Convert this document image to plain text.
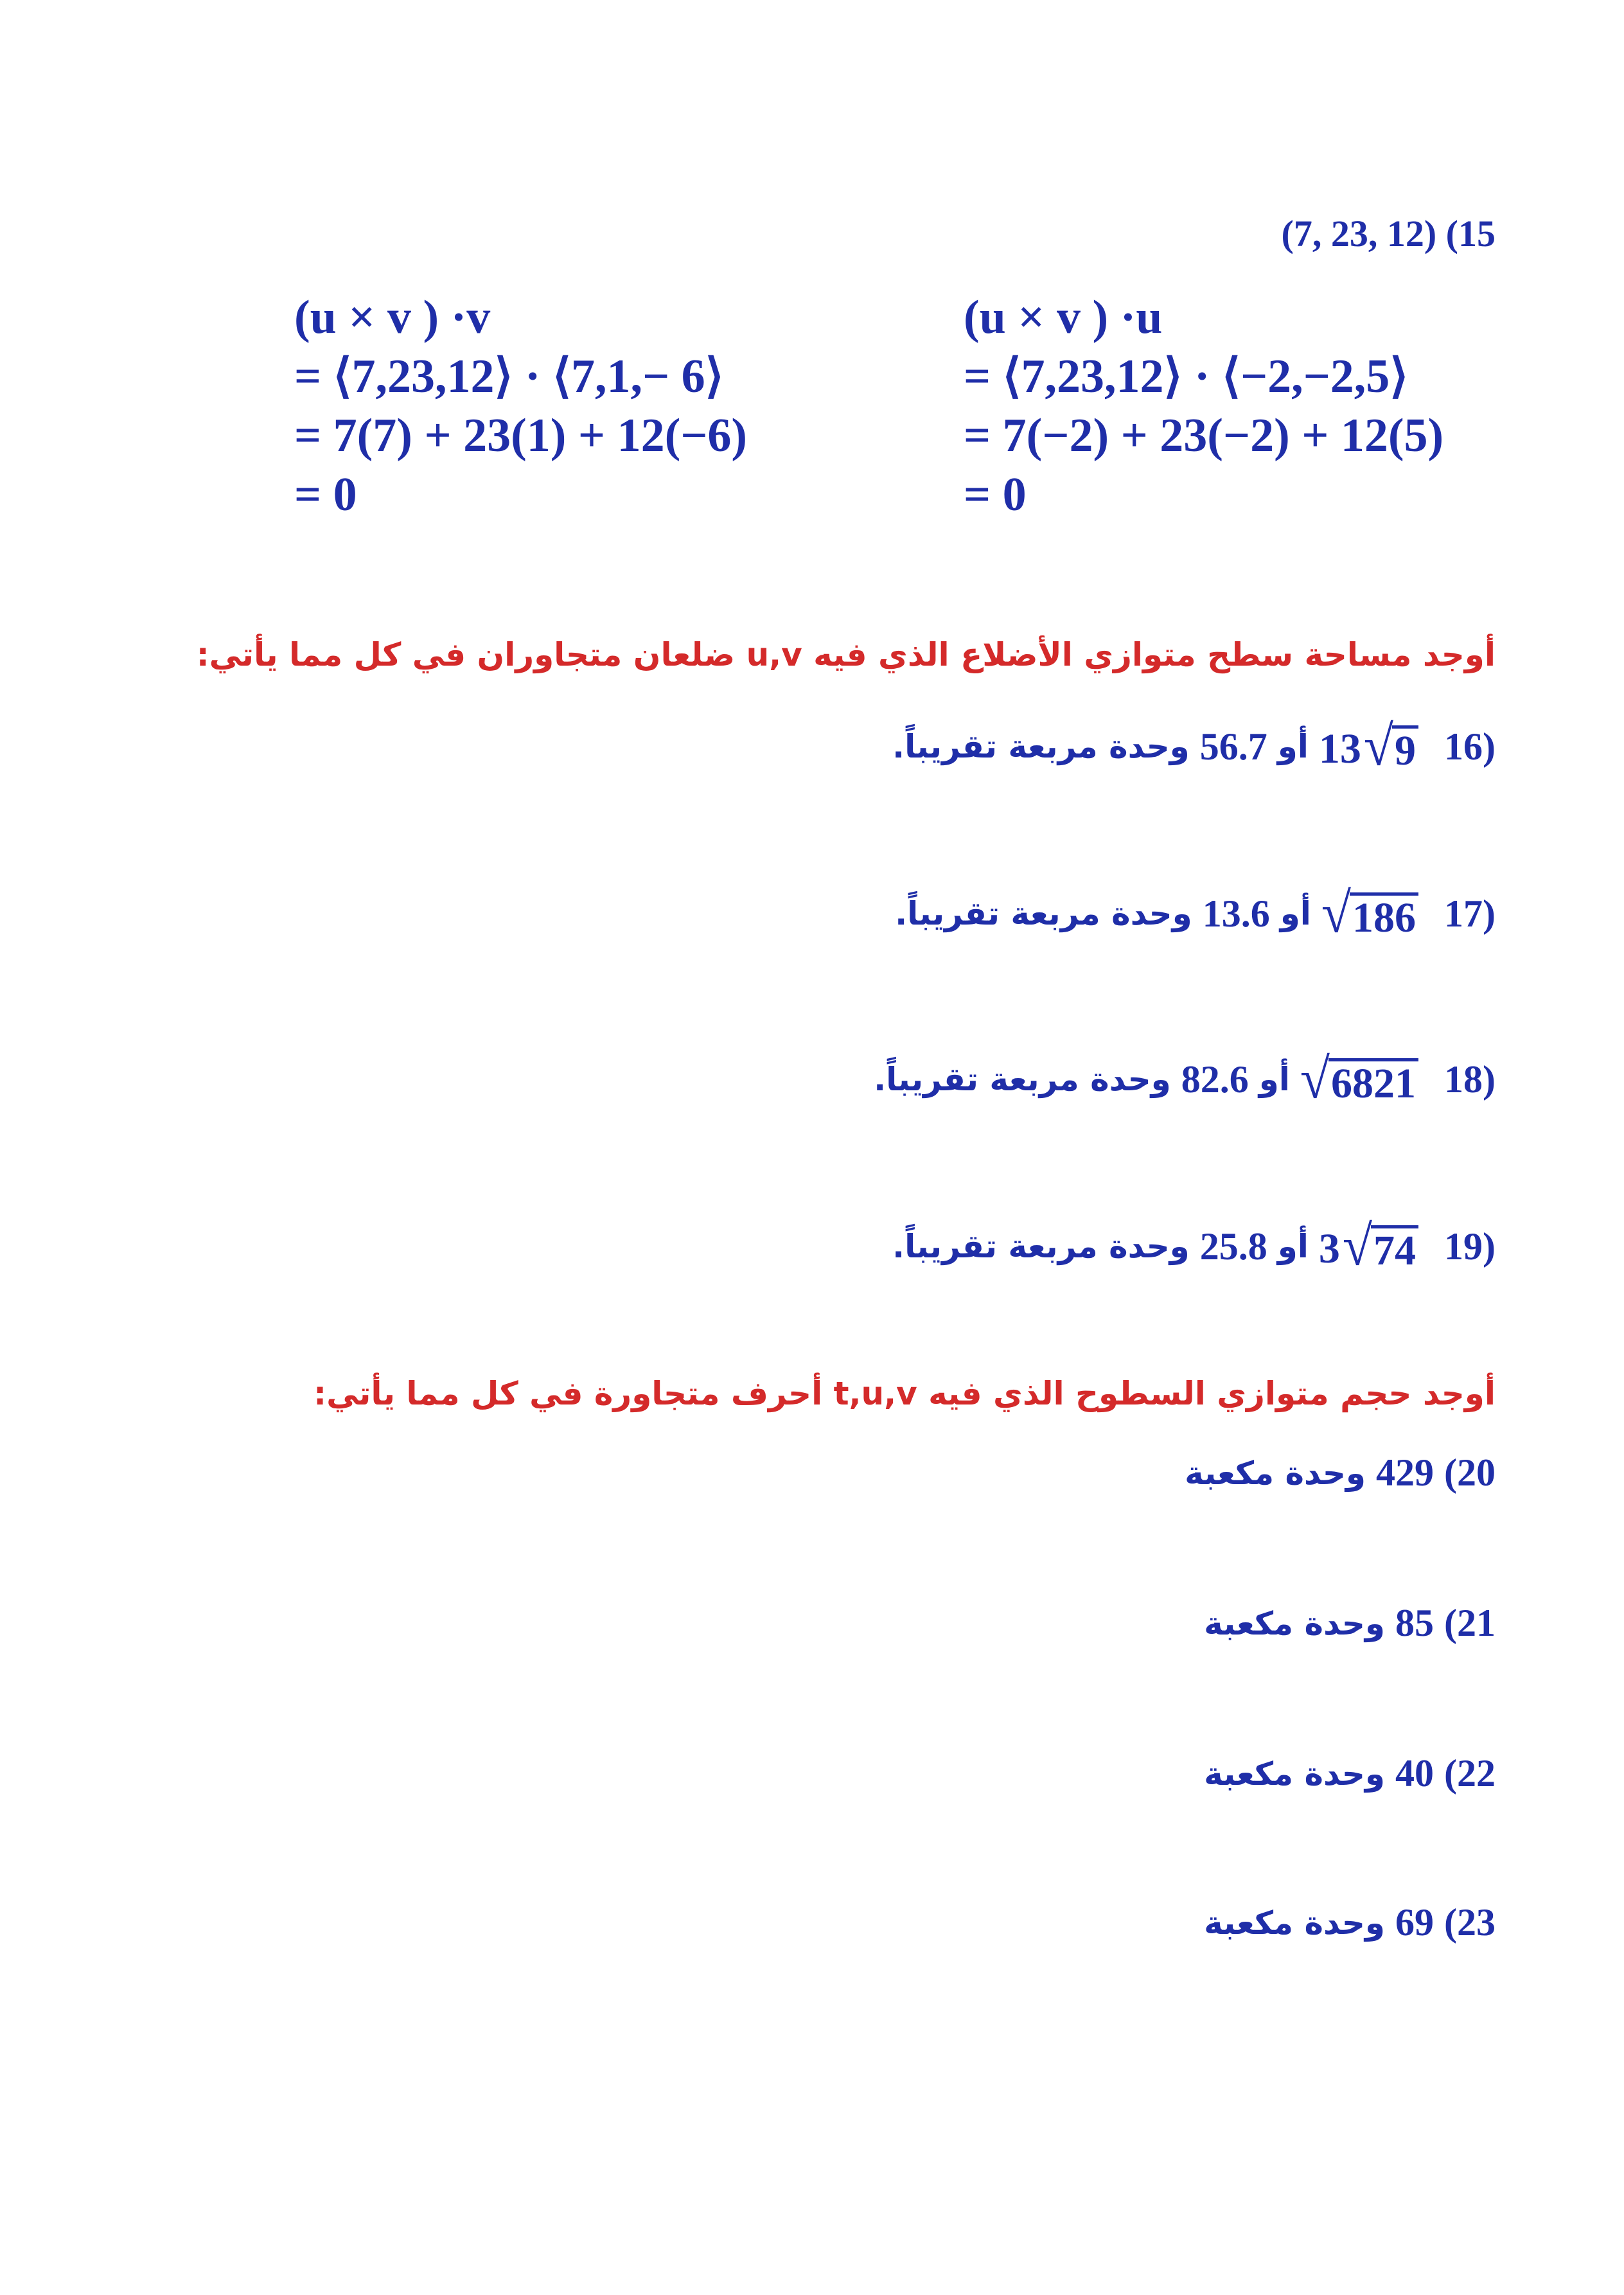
(7, 23, 12) (15
(u × v ) ·u
= ⟨7,23,12⟩ · ⟨−2,−2,5⟩
= 7(−2) + 23(−2) + 12(5)
= 0
(u × v ) ·v
= ⟨7,23,12⟩ · ⟨7,1,− 6⟩
= 7(7) + 23(1) + 12(−6)
= 0
أوجد مساحة سطح متوازي الأضلاع الذي فيه u,v ضلعان متجاوران في كل مما يأتي:
(16
13 √ 9
أو
56.7
وحدة مربعة تقريباً.
(17
√ 186
أو
13.6
وحدة مربعة تقريباً.
(18
√ 6821
أو
82.6
وحدة مربعة تقريباً.
(19
3 √ 74
أو
25.8
وحدة مربعة تقريباً.
أوجد حجم متوازي السطوح الذي فيه t,u,v أحرف متجاورة في كل مما يأتي:
20)
429
وحدة مكعبة
21)
85
وحدة مكعبة
22)
40
وحدة مكعبة
23)
69
وحدة مكعبة
